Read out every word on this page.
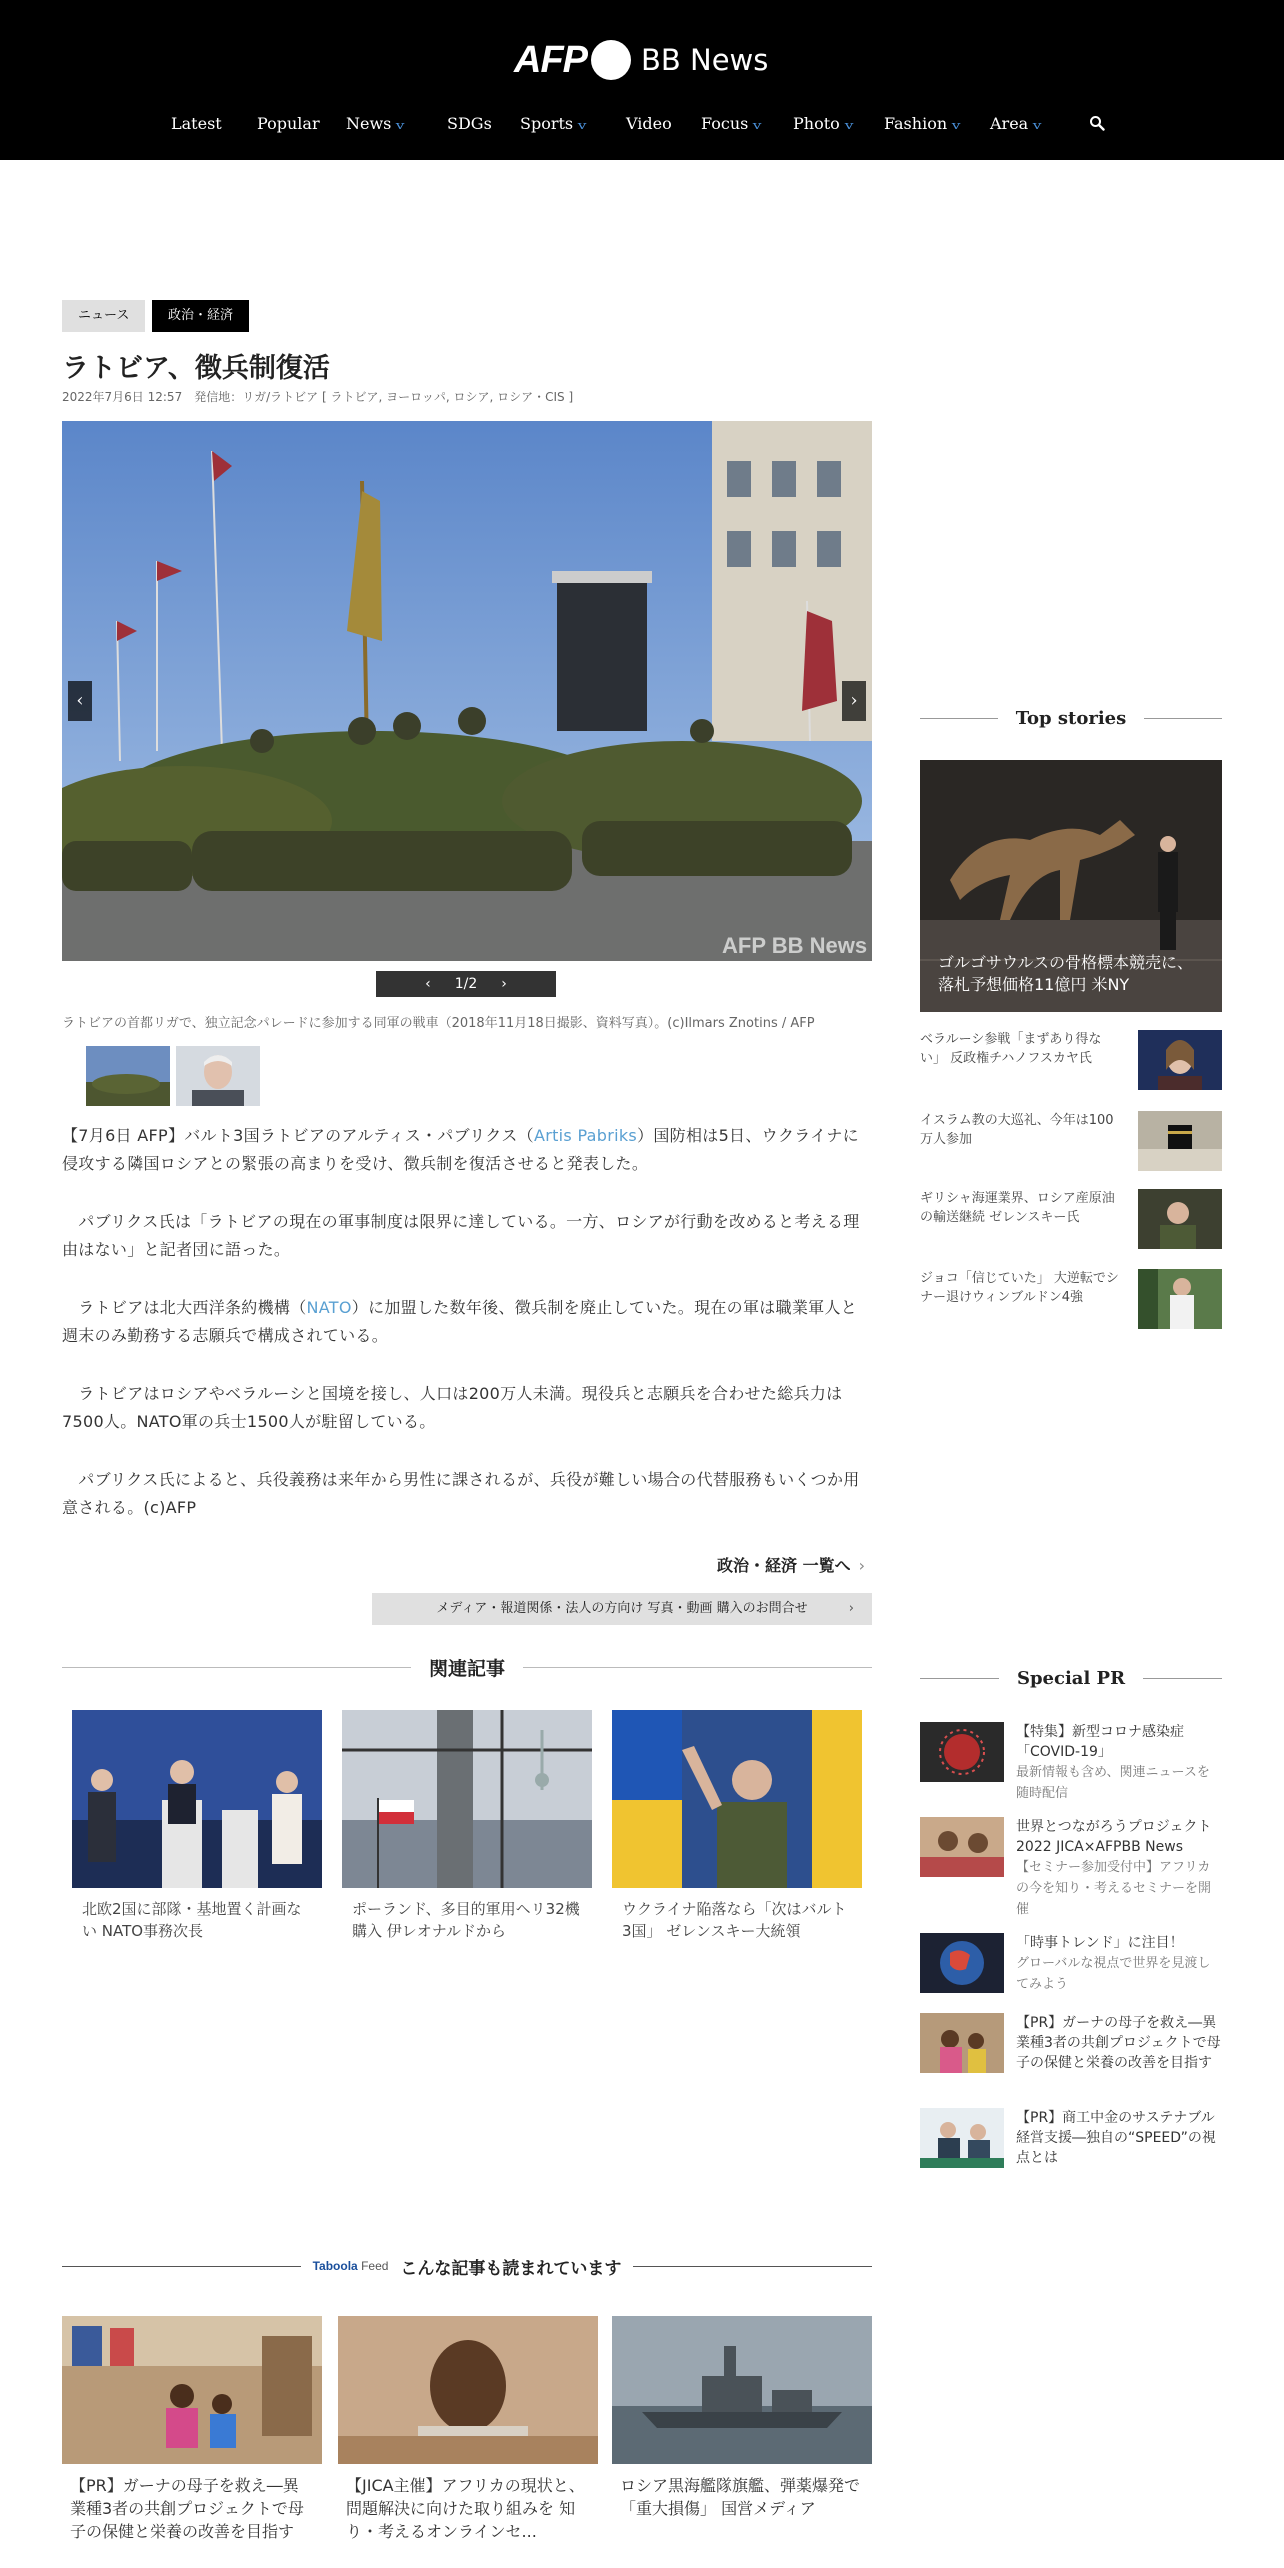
AFP BB News
Latest Popular News v	SDGs Sports v Video Focus v Photo v Fashion v Area v
ニュース	政治・経済
ラトビア、徴兵制復活
2022年7月6日 12:57　発信地：リガ/ラトビア [ ラトビア, ヨーロッパ, ロシア, ロシア・CIS ]
AFP BB News
‹	›
‹ 1/2 ›
ラトビアの首都リガで、独立記念パレードに参加する同軍の戦車（2018年11月18日撮影、資料写真）。(c)Ilmars Znotins / AFP

【7月6日 AFP】バルト3国ラトビアのアルティス・パブリクス（Artis Pabriks）国防相は5日、ウクライナに侵攻する隣国ロシアとの緊張の高まりを受け、徴兵制を復活させると発表した。

　パブリクス氏は「ラトビアの現在の軍事制度は限界に達している。一方、ロシアが行動を改めると考える理由はない」と記者団に語った。

　ラトビアは北大西洋条約機構（NATO）に加盟した数年後、徴兵制を廃止していた。現在の軍は職業軍人と週末のみ勤務する志願兵で構成されている。

　ラトビアはロシアやベラルーシと国境を接し、人口は200万人未満。現役兵と志願兵を合わせた総兵力は7500人。NATO軍の兵士1500人が駐留している。

　パブリクス氏によると、兵役義務は来年から男性に課されるが、兵役が難しい場合の代替服務もいくつか用意される。(c)AFP

政治・経済 一覧へ ›
メディア・報道関係・法人の方向け 写真・動画 購入のお問合せ	›
関連記事
北欧2国に部隊・基地置く計画ない NATO事務次長
ポーランド、多目的軍用ヘリ32機購入 伊レオナルドから
ウクライナ陥落なら「次はバルト3国」 ゼレンスキー大統領
Top stories
ゴルゴサウルスの骨格標本競売に、落札予想価格11億円 米NY
ベラルーシ参戦「まずあり得ない」 反政権チハノフスカヤ氏
イスラム教の大巡礼、今年は100万人参加
ギリシャ海運業界、ロシア産原油の輸送継続 ゼレンスキー氏
ジョコ「信じていた」 大逆転でシナー退けウィンブルドン4強
Special PR
【特集】新型コロナ感染症「COVID-19」
最新情報も含め、関連ニュースを随時配信
世界とつながろうプロジェクト2022 JICA×AFPBB News
【セミナー参加受付中】アフリカの今を知り・考えるセミナーを開催
「時事トレンド」に注目！
グローバルな視点で世界を見渡してみよう
【PR】ガーナの母子を救え―異業種3者の共創プロジェクトで母子の保健と栄養の改善を目指す
【PR】商工中金のサステナブル経営支援―独自の“SPEED”の視点とは
Taboola Feed こんな記事も読まれています
【PR】ガーナの母子を救え―異業種3者の共創プロジェクトで母子の保健と栄養の改善を目指す
【JICA主催】アフリカの現状と、問題解決に向けた取り組みを 知り・考えるオンラインセ...
ロシア黒海艦隊旗艦、弾薬爆発で「重大損傷」 国営メディア
